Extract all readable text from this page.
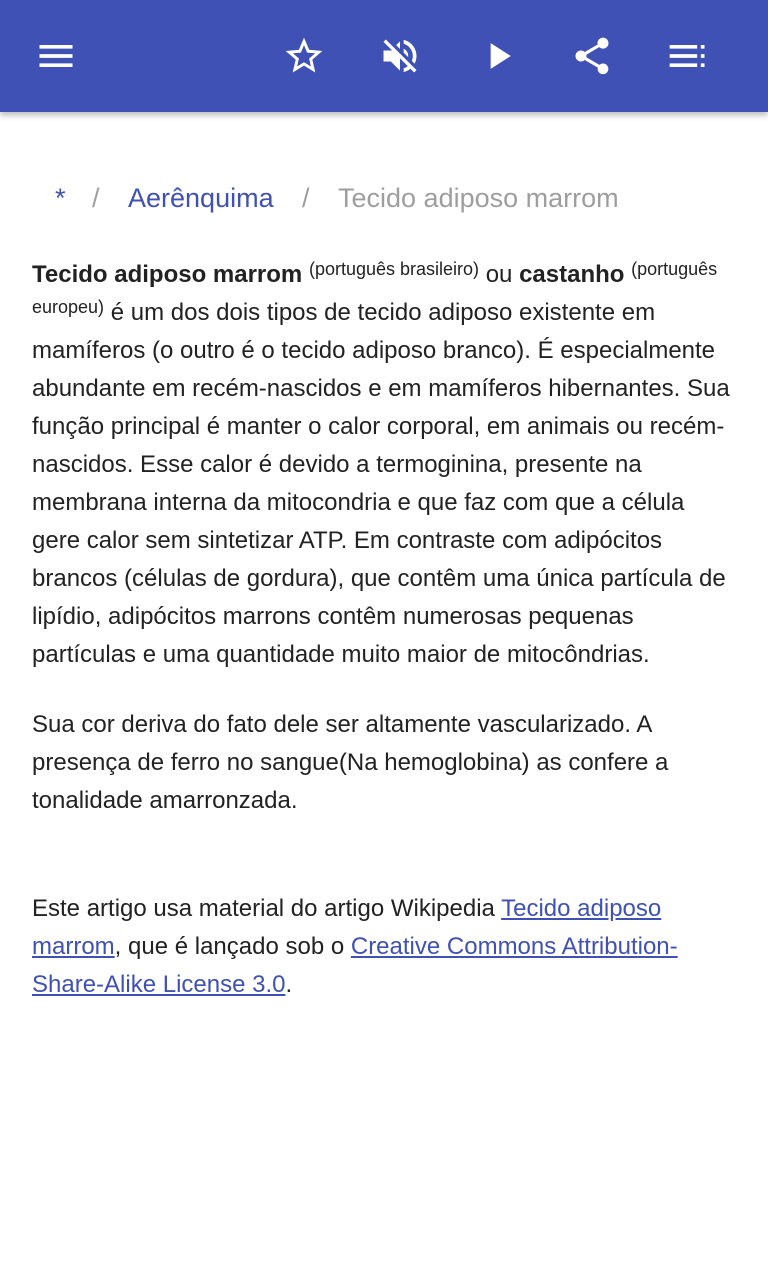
* / Aerênquima / Tecido adiposo marrom

Tecido adiposo marrom $^{(português brasileiro)}$ ou castanho $^{(português europeu)}$ é um dos dois tipos de tecido adiposo existente em mamíferos (o outro é o tecido adiposo branco). É especialmente abundante em recém-nascidos e em mamíferos hibernantes. Sua função principal é manter o calor corporal, em animais ou recém-nascidos. Esse calor é devido a termoginina, presente na membrana interna da mitocondria e que faz com que a célula gere calor sem sintetizar ATP. Em contraste com adipócitos brancos (células de gordura), que contêm uma única partícula de lipídio, adipócitos marrons contêm numerosas pequenas partículas e uma quantidade muito maior de mitocôndrias.

Sua cor deriva do fato dele ser altamente vascularizado. A presença de ferro no sangue(Na hemoglobina) as confere a tonalidade amarronzada.

Este artigo usa material do artigo Wikipedia Tecido adiposo marrom, que é lançado sob o Creative Commons Attribution-Share-Alike License 3.0.
